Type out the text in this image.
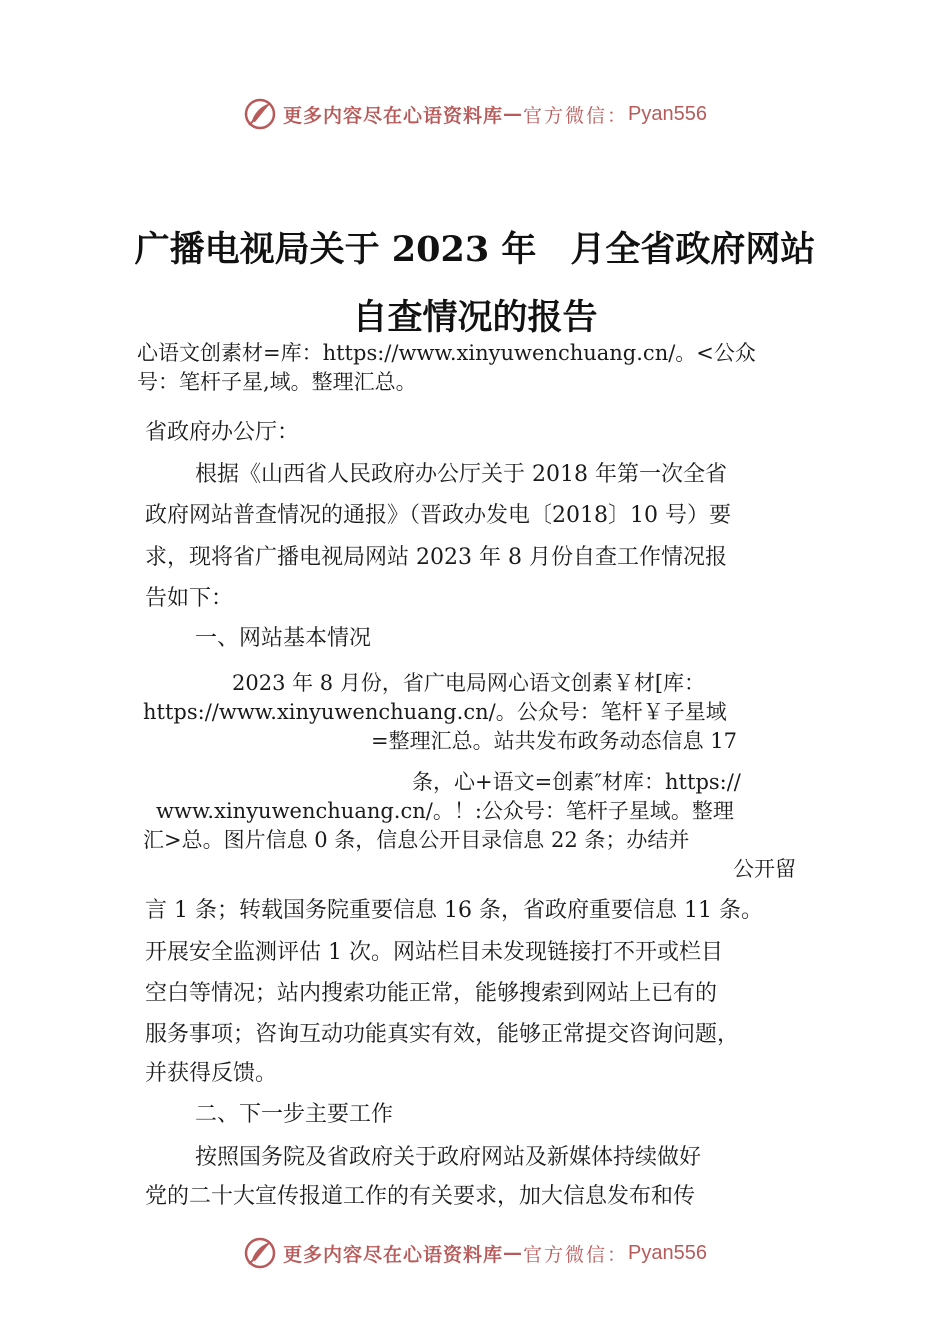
更多内容尽在心语资料库 — 官方微信： Pyan556
广播电视局关于 2023 年 月全省政府网站
自查情况的报告
心语文创素材=库：https://www.xinyuwenchuang.cn/。<公众
号：笔杆子星,域。整理汇总。
省政府办公厅：
根据《山西省人民政府办公厅关于 2018 年第一次全省
政府网站普查情况的通报》（晋政办发电〔2018〕10 号）要
求，现将省广播电视局网站 2023 年 8 月份自查工作情况报
告如下：
一、网站基本情况
2023 年 8 月份，省广电局网心语文创素￥材[库：
https://www.xinyuwenchuang.cn/。公众号：笔杆￥子星域
=整理汇总。站共发布政务动态信息 17
条，心+语文=创素″材库：https://
www.xinyuwenchuang.cn/。！:公众号：笔杆子星域。整理
汇>总。图片信息 0 条，信息公开目录信息 22 条；办结并
公开留
言 1 条；转载国务院重要信息 16 条，省政府重要信息 11 条。
开展安全监测评估 1 次。网站栏目未发现链接打不开或栏目
空白等情况；站内搜索功能正常，能够搜索到网站上已有的
服务事项；咨询互动功能真实有效，能够正常提交咨询问题，
并获得反馈。
二、下一步主要工作
按照国务院及省政府关于政府网站及新媒体持续做好
党的二十大宣传报道工作的有关要求，加大信息发布和传
更多内容尽在心语资料库 — 官方微信： Pyan556
